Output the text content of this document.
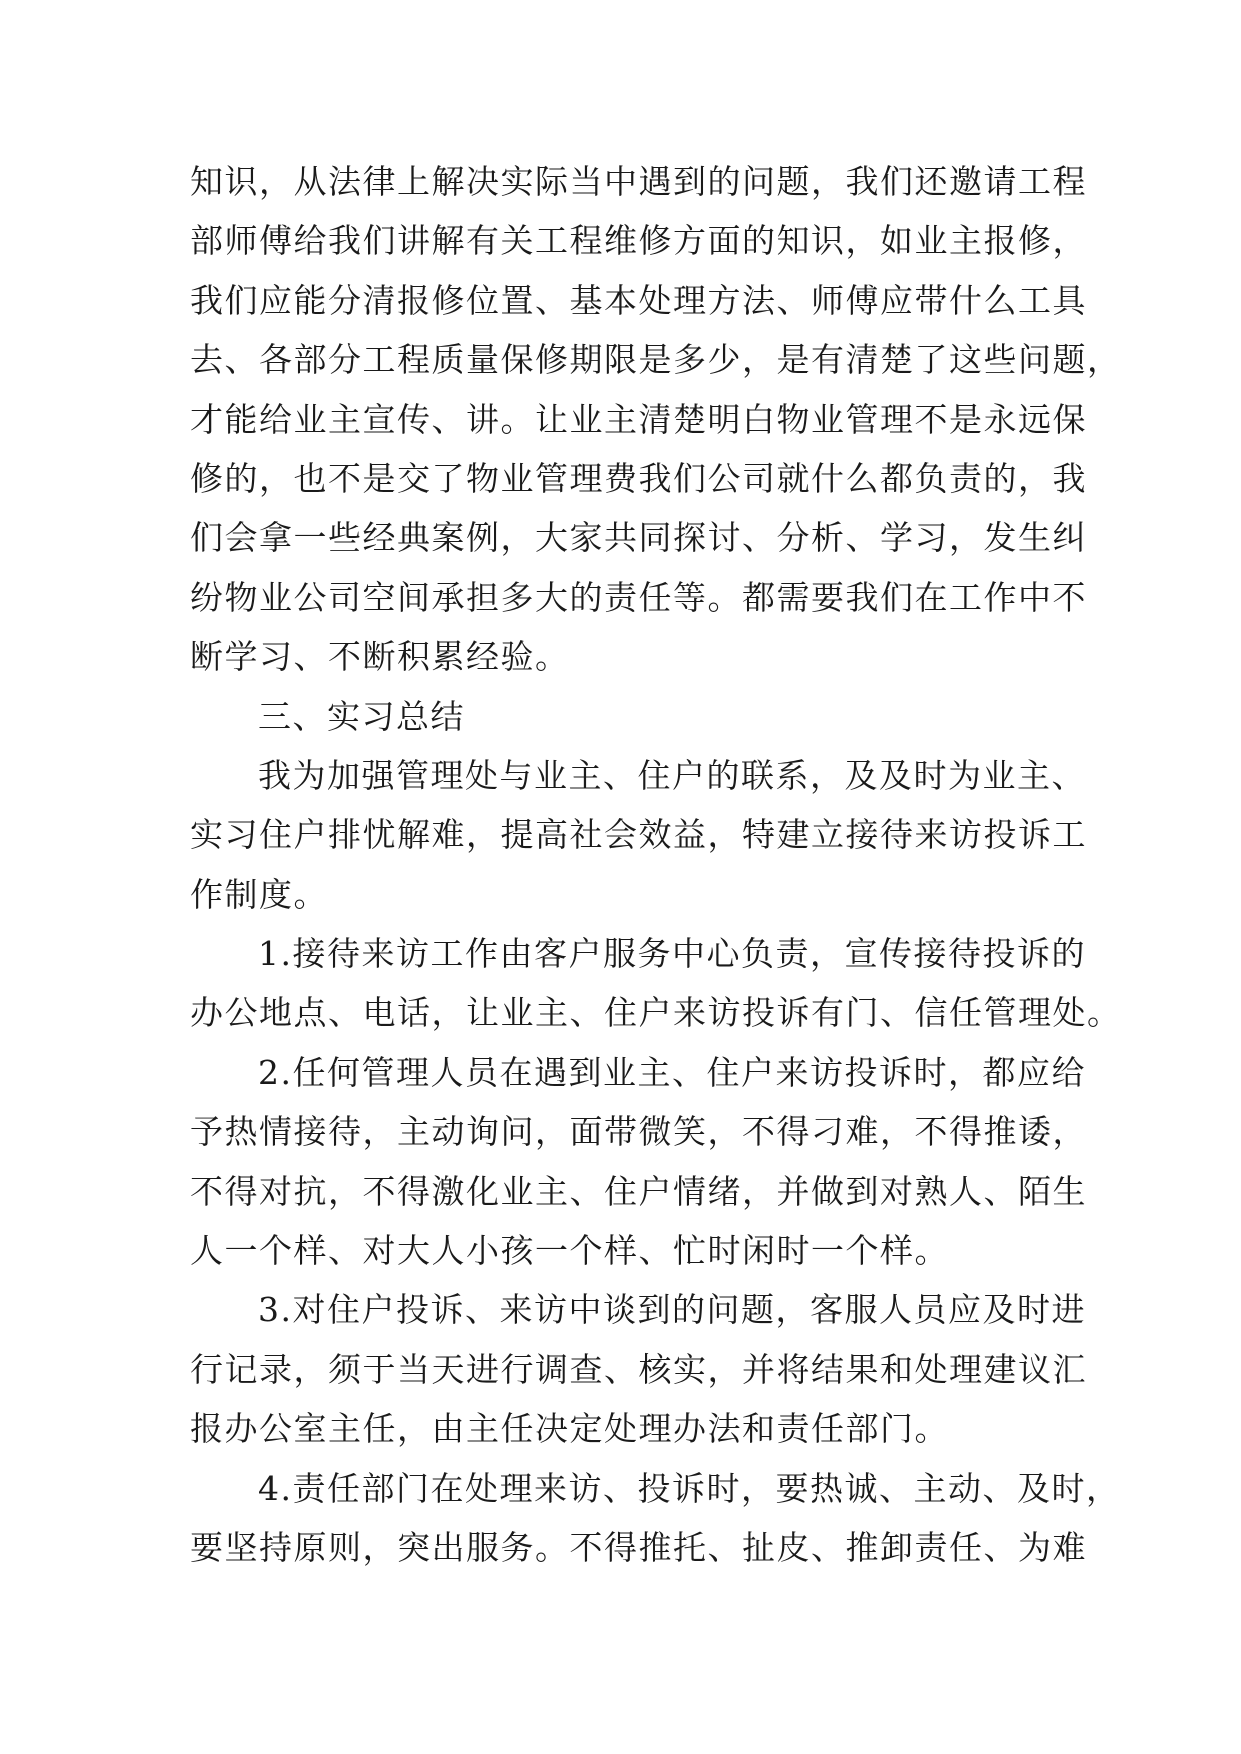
知识，从法律上解决实际当中遇到的问题，我们还邀请工程
部师傅给我们讲解有关工程维修方面的知识，如业主报修，
我们应能分清报修位置、基本处理方法、师傅应带什么工具
去、各部分工程质量保修期限是多少，是有清楚了这些问题，
才能给业主宣传、讲。让业主清楚明白物业管理不是永远保
修的，也不是交了物业管理费我们公司就什么都负责的，我
们会拿一些经典案例，大家共同探讨、分析、学习，发生纠
纷物业公司空间承担多大的责任等。都需要我们在工作中不
断学习、不断积累经验。
三、实习总结
我为加强管理处与业主、住户的联系，及及时为业主、
实习住户排忧解难，提高社会效益，特建立接待来访投诉工
作制度。
1.接待来访工作由客户服务中心负责，宣传接待投诉的
办公地点、电话，让业主、住户来访投诉有门、信任管理处。
2.任何管理人员在遇到业主、住户来访投诉时，都应给
予热情接待，主动询问，面带微笑，不得刁难，不得推诿，
不得对抗，不得激化业主、住户情绪，并做到对熟人、陌生
人一个样、对大人小孩一个样、忙时闲时一个样。
3.对住户投诉、来访中谈到的问题，客服人员应及时进
行记录，须于当天进行调查、核实，并将结果和处理建议汇
报办公室主任，由主任决定处理办法和责任部门。
4.责任部门在处理来访、投诉时，要热诚、主动、及时，
要坚持原则，突出服务。不得推托、扯皮、推卸责任、为难
